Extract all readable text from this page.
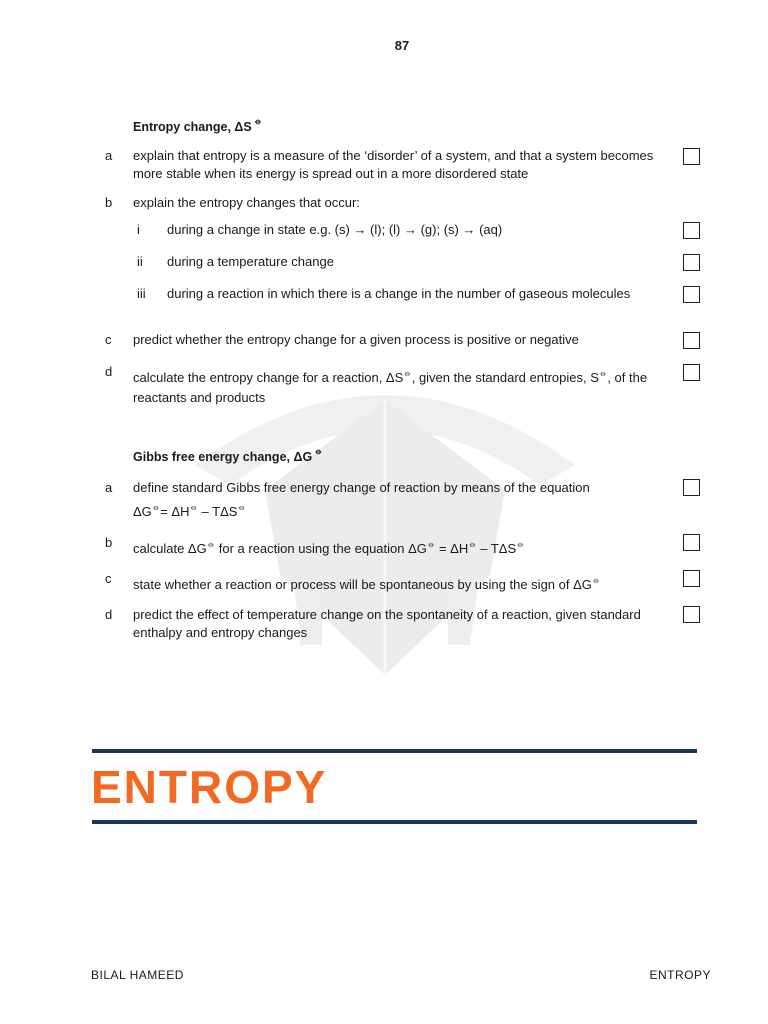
87
Entropy change, ΔS ⦵
a explain that entropy is a measure of the ‘disorder’ of a system, and that a system becomes more stable when its energy is spread out in a more disordered state
b explain the entropy changes that occur:
i	during a change in state e.g. (s) → (l); (l) → (g); (s) → (aq)
ii	during a temperature change
iii	during a reaction in which there is a change in the number of gaseous molecules
c predict whether the entropy change for a given process is positive or negative
d calculate the entropy change for a reaction, ΔS⦵, given the standard entropies, S⦵, of the reactants and products
Gibbs free energy change, ΔG ⦵
a define standard Gibbs free energy change of reaction by means of the equation
ΔG⦵= ΔH⦵ – TΔS⦵
b calculate ΔG⦵ for a reaction using the equation ΔG⦵ = ΔH⦵ – TΔS⦵
c state whether a reaction or process will be spontaneous by using the sign of ΔG⦵
d predict the effect of temperature change on the spontaneity of a reaction, given standard enthalpy and entropy changes
ENTROPY
BILAL HAMEED	ENTROPY
